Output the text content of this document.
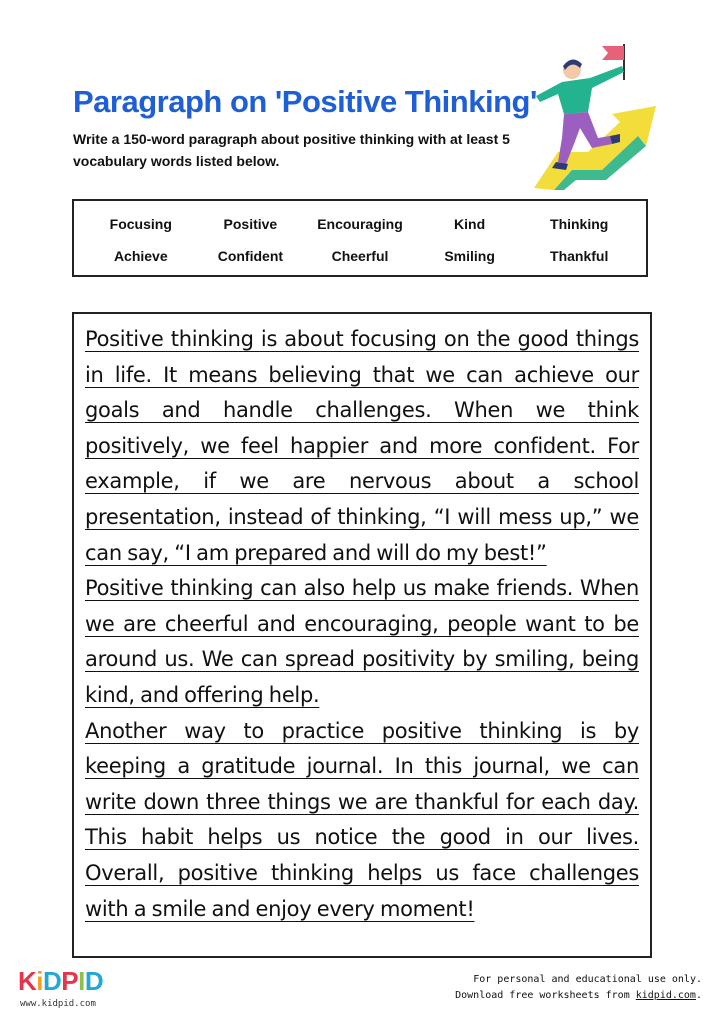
Paragraph on 'Positive Thinking'
Write a 150-word paragraph about positive thinking with at least 5 vocabulary words listed below.
Focusing	Positive	Encouraging	Kind	Thinking
Achieve	Confident	Cheerful	Smiling	Thankful

Positive thinking is about focusing on the good things in life. It means believing that we can achieve our goals and handle challenges. When we think positively, we feel happier and more confident. For example, if we are nervous about a school presentation, instead of thinking, “I will mess up,” we can say, “I am prepared and will do my best!”

Positive thinking can also help us make friends. When we are cheerful and encouraging, people want to be around us. We can spread positivity by smiling, being kind, and offering help.

Another way to practice positive thinking is by keeping a gratitude journal. In this journal, we can write down three things we are thankful for each day. This habit helps us notice the good in our lives. Overall, positive thinking helps us face challenges with a smile and enjoy every moment!

KiDPID
www.kidpid.com
For personal and educational use only.
Download free worksheets from kidpid.com.
